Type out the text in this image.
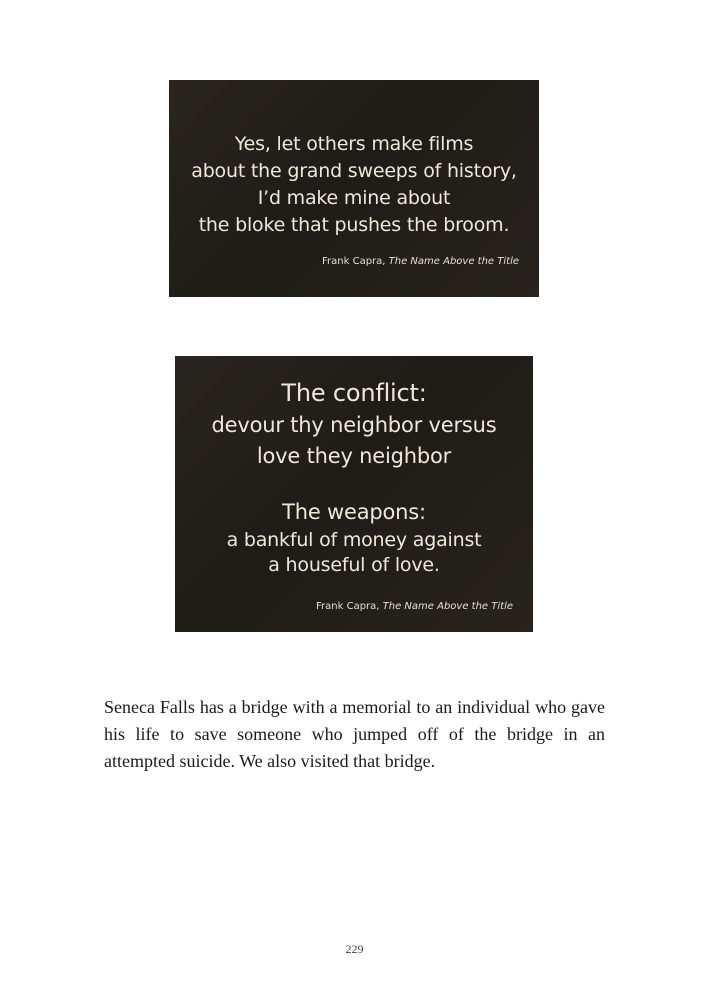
Yes, let others make films
about the grand sweeps of history,
I’d make mine about
the bloke that pushes the broom.
Frank Capra, The Name Above the Title
The conflict:
devour thy neighbor versus
love they neighbor
The weapons:
a bankful of money against
a houseful of love.
Frank Capra, The Name Above the Title

Seneca Falls has a bridge with a memorial to an individual who gave his life to save someone who jumped off of the bridge in an attempted suicide. We also visited that bridge.

229
